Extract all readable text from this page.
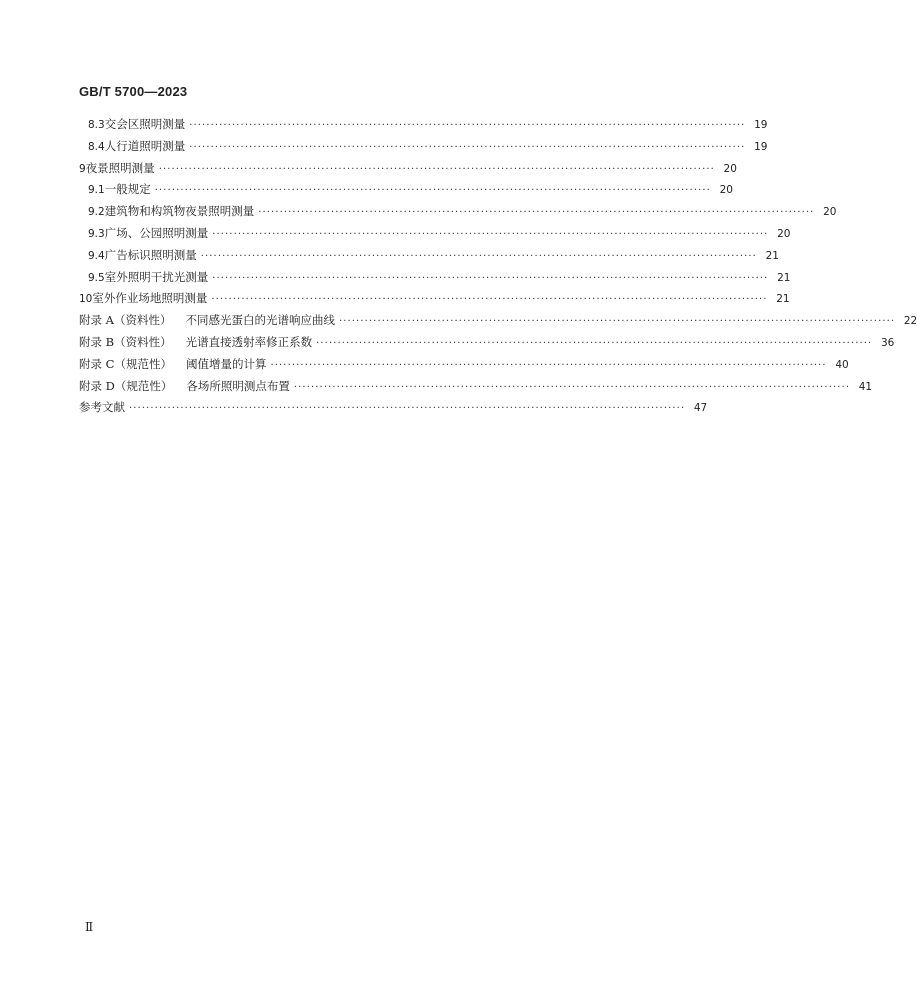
GB/T 5700—2023
8.3 交会区照明测量 ·································································································································· 19
8.4 人行道照明测量 ·································································································································· 19
9 夜景照明测量 ·································································································································· 20
9.1 一般规定 ·································································································································· 20
9.2 建筑物和构筑物夜景照明测量 ·································································································································· 20
9.3 广场、公园照明测量 ·································································································································· 20
9.4 广告标识照明测量 ·································································································································· 21
9.5 室外照明干扰光测量 ·································································································································· 21
10 室外作业场地照明测量 ·································································································································· 21
附录 A（资料性）	不同感光蛋白的光谱响应曲线 ·································································································································· 22
附录 B（资料性）	光谱直接透射率修正系数 ·································································································································· 36
附录 C（规范性）	阈值增量的计算 ·································································································································· 40
附录 D（规范性）	各场所照明测点布置 ·································································································································· 41
参考文献 ·································································································································· 47
Ⅱ
